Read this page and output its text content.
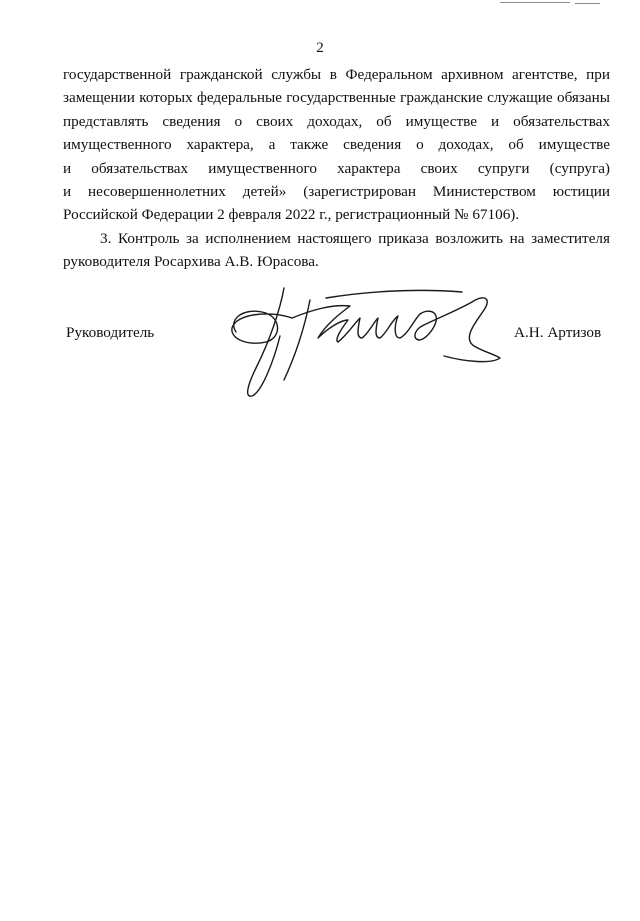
2
государственной гражданской службы в Федеральном архивном агентстве, при
замещении которых федеральные государственные гражданские служащие обязаны
представлять сведения о своих доходах, об имуществе и обязательствах
имущественного характера, а также сведения о доходах, об имуществе
и обязательствах имущественного характера своих супруги (супруга)
и несовершеннолетних детей» (зарегистрирован Министерством юстиции
Российской Федерации 2 февраля 2022 г., регистрационный № 67106).
3. Контроль за исполнением настоящего приказа возложить на заместителя
руководителя Росархива А.В. Юрасова.
Руководитель	А.Н. Артизов
